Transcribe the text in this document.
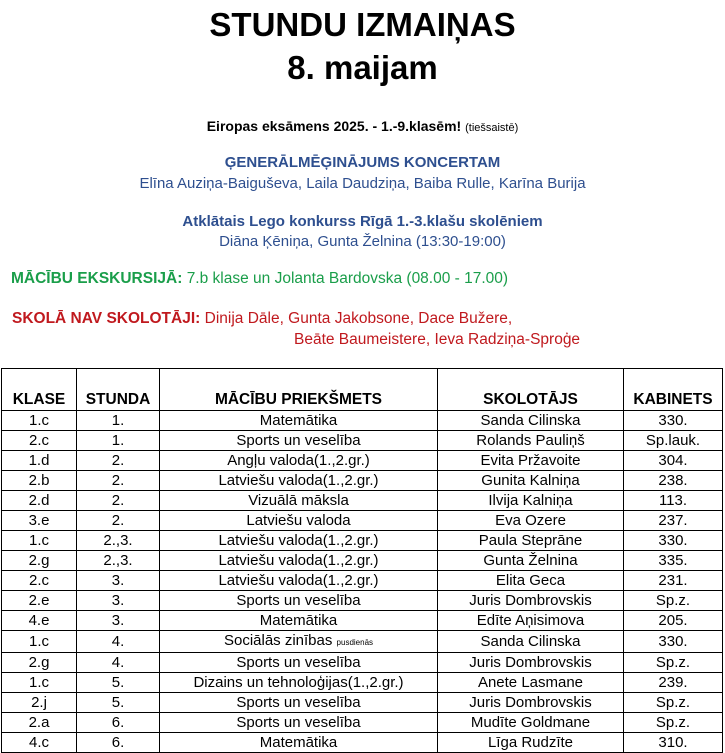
STUNDU IZMAIŅAS
8. maijam
Eiropas eksāmens 2025. - 1.-9.klasēm! (tiešsaistē)
ĢENERĀLMĒĢINĀJUMS KONCERTAM
Elīna Auziņa-Baiguševa, Laila Daudziņa, Baiba Rulle, Karīna Burija
Atklātais Lego konkurss Rīgā 1.-3.klašu skolēniem
Diāna Ķēniņa, Gunta Želnina (13:30-19:00)
MĀCĪBU EKSKURSIJĀ: 7.b klase un Jolanta Bardovska (08.00 - 17.00)
SKOLĀ NAV SKOLOTĀJI: Dinija Dāle, Gunta Jakobsone, Dace Bužere,
Beāte Baumeistere, Ieva Radziņa-Sproģe
KLASE	STUNDA	MĀCĪBU PRIEKŠMETS	SKOLOTĀJS	KABINETS
1.c	1.	Matemātika	Sanda Cilinska	330.
2.c	1.	Sports un veselība	Rolands Pauliņš	Sp.lauk.
1.d	2.	Angļu valoda(1.,2.gr.)	Evita Pržavoite	304.
2.b	2.	Latviešu valoda(1.,2.gr.)	Gunita Kalniņa	238.
2.d	2.	Vizuālā māksla	Ilvija Kalniņa	113.
3.e	2.	Latviešu valoda	Eva Ozere	237.
1.c	2.,3.	Latviešu valoda(1.,2.gr.)	Paula Steprāne	330.
2.g	2.,3.	Latviešu valoda(1.,2.gr.)	Gunta Želnina	335.
2.c	3.	Latviešu valoda(1.,2.gr.)	Elita Geca	231.
2.e	3.	Sports un veselība	Juris Dombrovskis	Sp.z.
4.e	3.	Matemātika	Edīte Aņisimova	205.
1.c	4.	Sociālās zinības pusdienās	Sanda Cilinska	330.
2.g	4.	Sports un veselība	Juris Dombrovskis	Sp.z.
1.c	5.	Dizains un tehnoloģijas(1.,2.gr.)	Anete Lasmane	239.
2.j	5.	Sports un veselība	Juris Dombrovskis	Sp.z.
2.a	6.	Sports un veselība	Mudīte Goldmane	Sp.z.
4.c	6.	Matemātika	Līga Rudzīte	310.
